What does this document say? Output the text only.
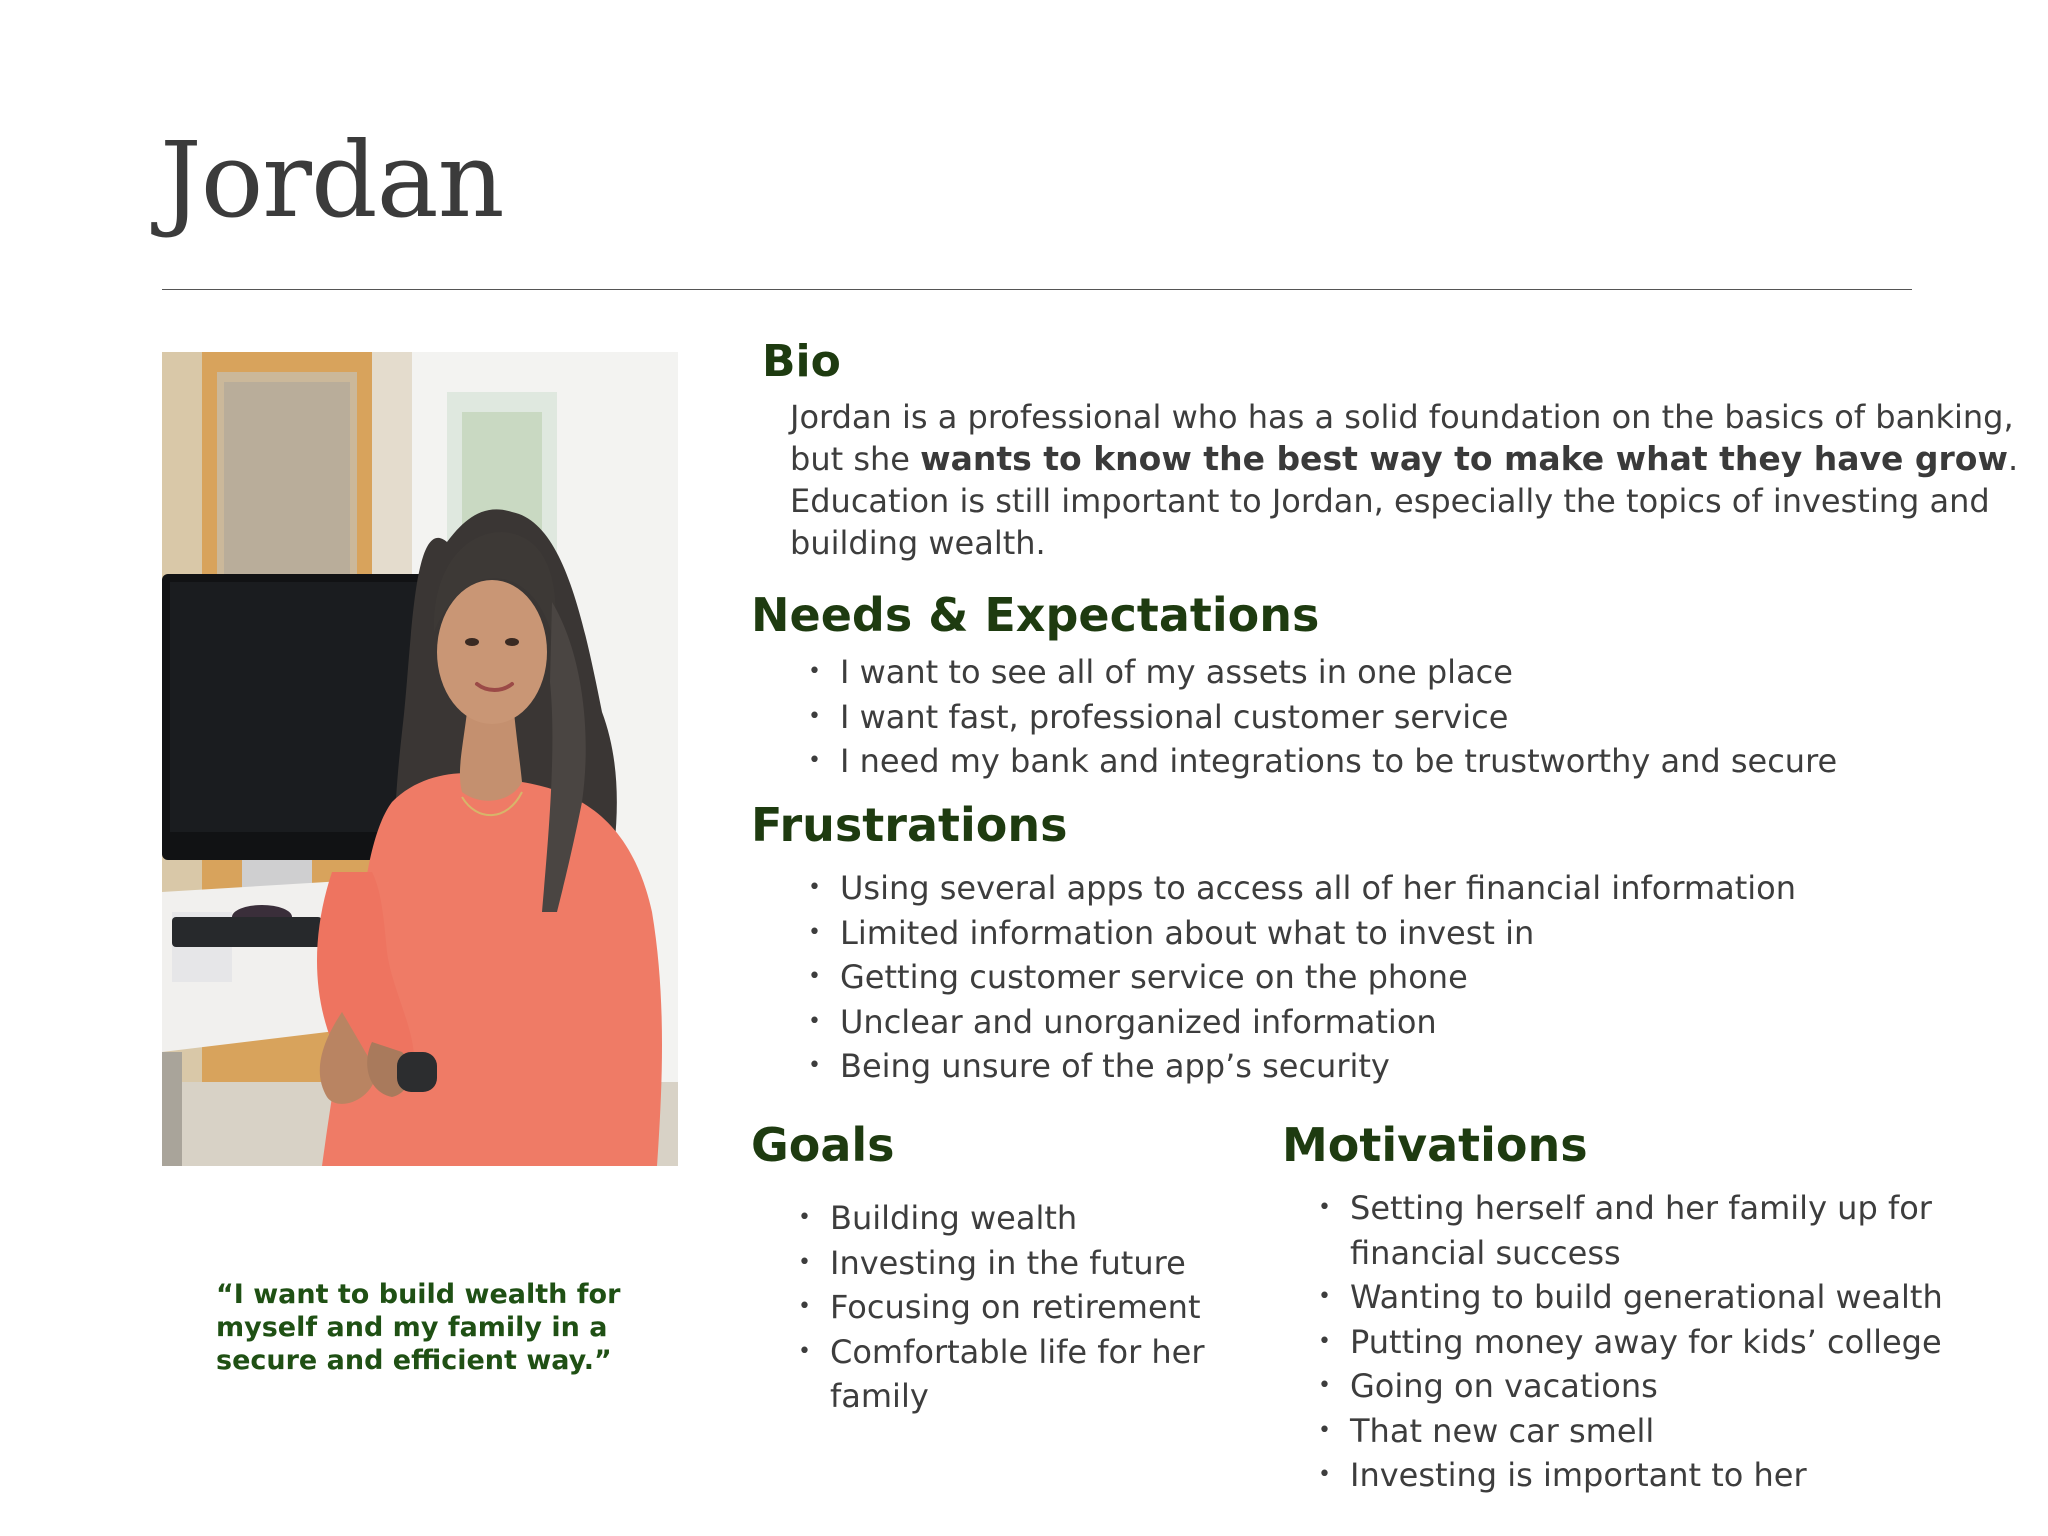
Jordan

“I want to build wealth for myself and my family in a secure and efficient way.”

Bio

Jordan is a professional who has a solid foundation on the basics of banking, but she wants to know the best way to make what they have grow. Education is still important to Jordan, especially the topics of investing and building wealth.

Needs & Expectations
• I want to see all of my assets in one place
• I want fast, professional customer service
• I need my bank and integrations to be trustworthy and secure
Frustrations
• Using several apps to access all of her financial information
• Limited information about what to invest in
• Getting customer service on the phone
• Unclear and unorganized information
• Being unsure of the app’s security
Goals
• Building wealth
• Investing in the future
• Focusing on retirement
• Comfortable life for her family
Motivations
• Setting herself and her family up for financial success
• Wanting to build generational wealth
• Putting money away for kids’ college
• Going on vacations
• That new car smell
• Investing is important to her
